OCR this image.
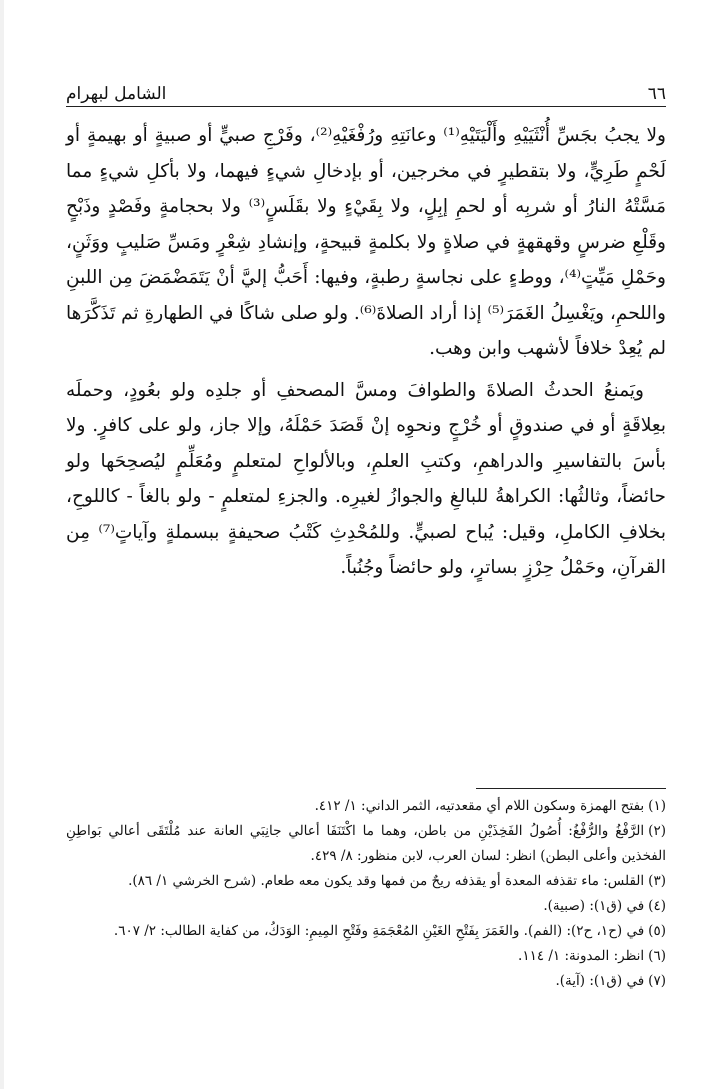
٦٦
الشامل لبهرام

ولا يجبُ بجَسِّ أُنْثَيَيْهِ وأَلْيَتَيْهِ⁽¹⁾ وعانَتِهِ ورُفْغَيْهِ⁽²⁾، وفَرْجِ صبيٍّ أو صبيةٍ أو بهيمةٍ أو لَحْمٍ طَرِيٍّ، ولا بتقطيرٍ في مخرجين، أو بإدخالِ شيءٍ فيهما، ولا بأكلِ شيءٍ مما مَسَّتْهُ النارُ أو شربِه أو لحمِ إبِلٍ، ولا بِقَيْءٍ ولا بقَلَسٍ⁽³⁾ ولا بحجامةٍ وفَصْدٍ وذَبْحٍ وقَلْعِ ضرسٍ وقهقهةٍ في صلاةٍ ولا بكلمةٍ قبيحةٍ، وإنشادِ شِعْرٍ ومَسِّ صَليبٍ ووَثَنٍ، وحَمْلِ مَيِّتٍ⁽⁴⁾، ووطءٍ على نجاسةٍ رطبةٍ، وفيها: أَحَبُّ إليَّ أنْ يَتَمَضْمَضَ مِن اللبنِ واللحمِ، ويَغْسِلُ الغَمَرَ⁽⁵⁾ إذا أراد الصلاةَ⁽⁶⁾. ولو صلى شاكًا في الطهارةِ ثم تَذَكَّرَها لم يُعِدْ خلافاً لأشهب وابن وهب.

ويَمنعُ الحدثُ الصلاةَ والطوافَ ومسَّ المصحفِ أو جلدِه ولو بعُودٍ، وحملَه بعِلاقَةٍ أو في صندوقٍ أو خُرْجٍ ونحوِه إنْ قَصَدَ حَمْلَهُ، وإلا جاز، ولو على كافرٍ. ولا بأسَ بالتفاسيرِ والدراهمِ، وكتبِ العلمِ، وبالألواحِ لمتعلمٍ ومُعَلِّمٍ ليُصحِحَها ولو حائضاً، وثالثُها: الكراهةُ للبالغِ والجوازُ لغيرِه. والجزءِ لمتعلمٍ - ولو بالغاً - كاللوحِ، بخلافِ الكاملِ، وقيل: يُباح لصبيٍّ. وللمُحْدِثِ كَتْبُ صحيفةٍ ببسملةٍ وآياتٍ⁽⁷⁾ مِن القرآنِ، وحَمْلُ حِرْزٍ بساترٍ، ولو حائضاً وجُنُباً.

(١)بفتح الهمزة وسكون اللام أي مقعدتيه، الثمر الداني: ١/ ٤١٢.

(٢)الرَّفْغُ والرُّفْغُ: أُصُولُ الفَخِذَيْنِ من باطن، وهما ما اكْتَنَفَا أعالي جانِبَي العانة عند مُلْتَقَى أعالي بَواطِنِ الفخذين وأعلى البطن) انظر: لسان العرب، لابن منظور: ٨/ ٤٢٩.

(٣)القلس: ماء تقذفه المعدة أو يقذفه ريحٌ من فمها وقد يكون معه طعام. (شرح الخرشي ١/ ٨٦).

(٤)في (ق١): (صبية).

(٥)في (ح١، ح٢): (الفم). والغَمَرَ بِفَتْحِ الغَيْنِ المُعْجَمَةِ وفَتْحِ المِيمِ: الوَدَكُ، من كفاية الطالب: ٢/ ٦٠٧.

(٦)انظر: المدونة: ١/ ١١٤.

(٧)في (ق١): (آية).
